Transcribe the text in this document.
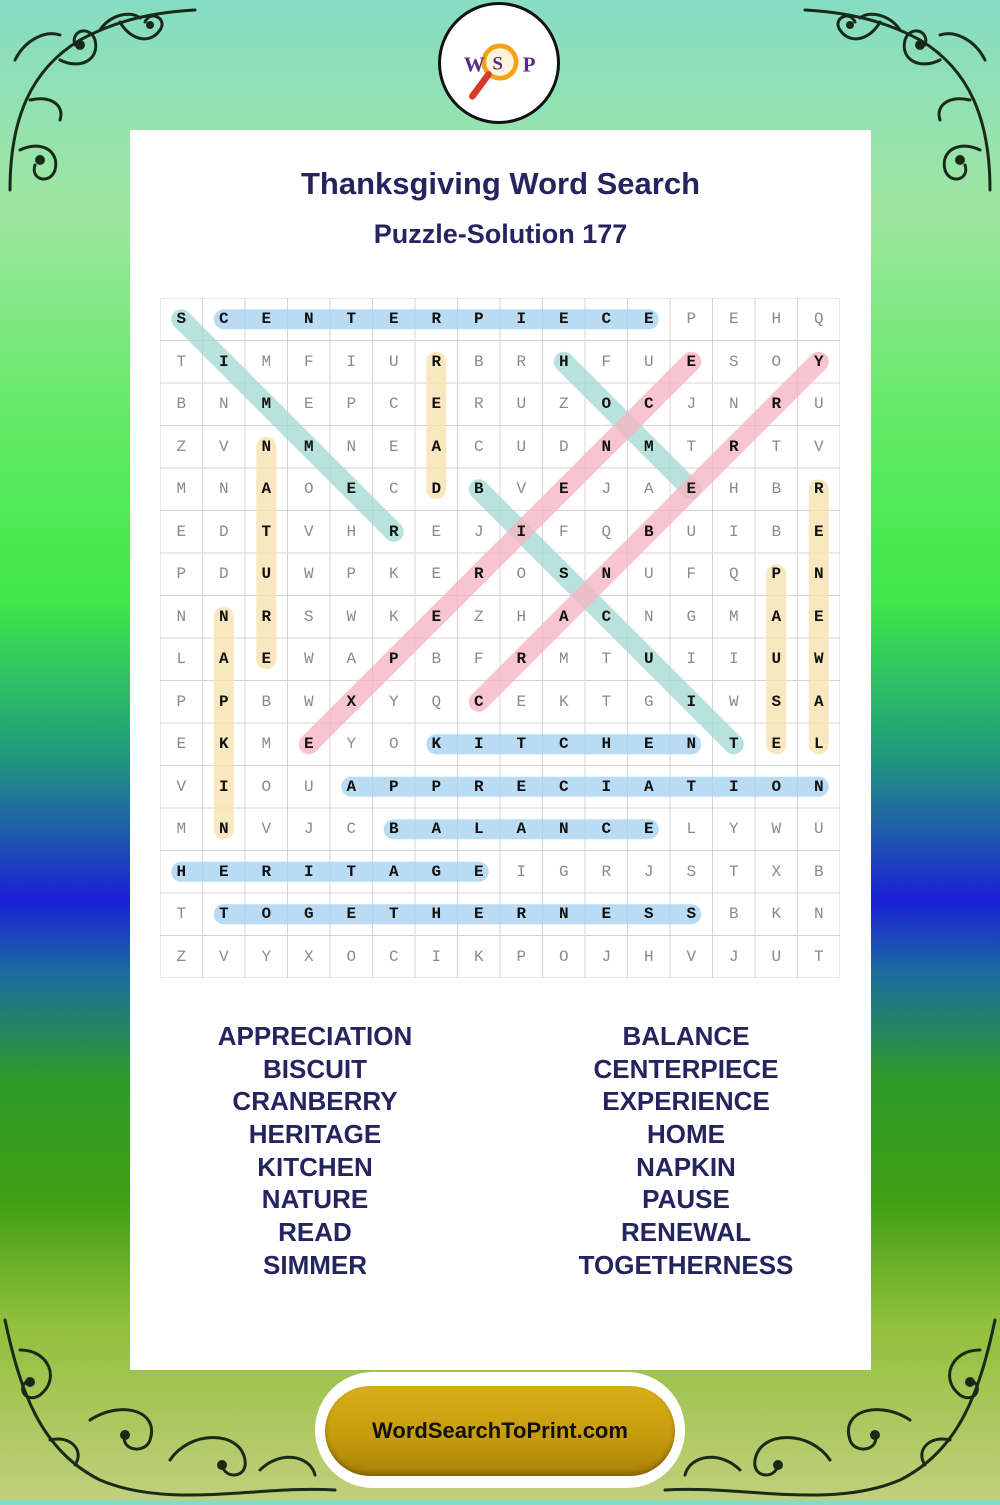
W S P
Thanksgiving Word Search
Puzzle-Solution 177
S	C	E	N	T	E	R	P	I	E	C	E	P	E	H	Q
T	I	M	F	I	U	R	B	R	H	F	U	E	S	O	Y
B	N	M	E	P	C	E	R	U	Z	O	C	J	N	R	U
Z	V	N	M	N	E	A	C	U	D	N	M	T	R	T	V
M	N	A	O	E	C	D	B	V	E	J	A	E	H	B	R
E	D	T	V	H	R	E	J	I	F	Q	B	U	I	B	E
P	D	U	W	P	K	E	R	O	S	N	U	F	Q	P	N
N	N	R	S	W	K	E	Z	H	A	C	N	G	M	A	E
L	A	E	W	A	P	B	F	R	M	T	U	I	I	U	W
P	P	B	W	X	Y	Q	C	E	K	T	G	I	W	S	A
E	K	M	E	Y	O	K	I	T	C	H	E	N	T	E	L
V	I	O	U	A	P	P	R	E	C	I	A	T	I	O	N
M	N	V	J	C	B	A	L	A	N	C	E	L	Y	W	U
H	E	R	I	T	A	G	E	I	G	R	J	S	T	X	B
T	T	O	G	E	T	H	E	R	N	E	S	S	B	K	N
Z	V	Y	X	O	C	I	K	P	O	J	H	V	J	U	T
APPRECIATION
BISCUIT
CRANBERRY
HERITAGE
KITCHEN
NATURE
READ
SIMMER
BALANCE
CENTERPIECE
EXPERIENCE
HOME
NAPKIN
PAUSE
RENEWAL
TOGETHERNESS
WordSearchToPrint.com
